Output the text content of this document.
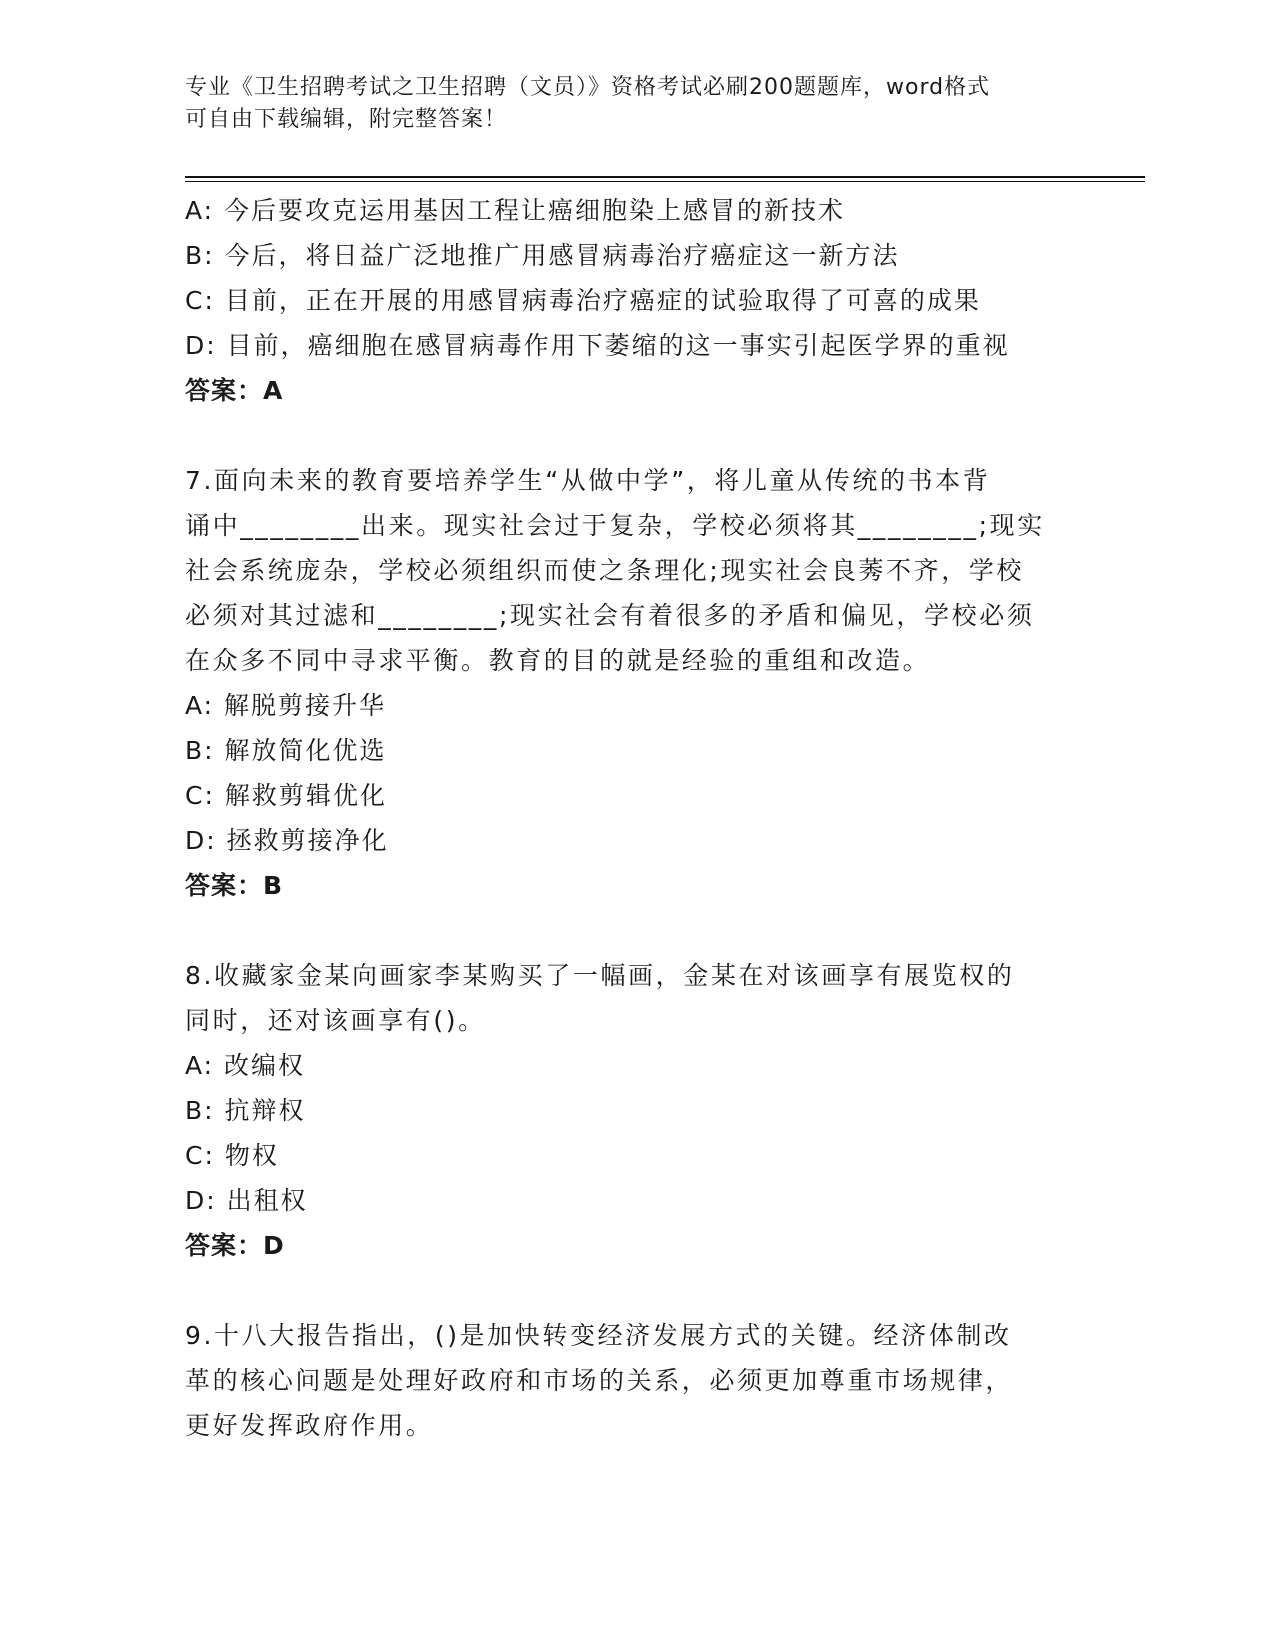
专业《卫生招聘考试之卫生招聘（文员）》资格考试必刷200题题库，word格式
可自由下载编辑，附完整答案！
A: 今后要攻克运用基因工程让癌细胞染上感冒的新技术
B: 今后，将日益广泛地推广用感冒病毒治疗癌症这一新方法
C: 目前，正在开展的用感冒病毒治疗癌症的试验取得了可喜的成果
D: 目前，癌细胞在感冒病毒作用下萎缩的这一事实引起医学界的重视
答案：A
7.面向未来的教育要培养学生“从做中学”，将儿童从传统的书本背
诵中________出来。现实社会过于复杂，学校必须将其________;现实
社会系统庞杂，学校必须组织而使之条理化;现实社会良莠不齐，学校
必须对其过滤和________;现实社会有着很多的矛盾和偏见，学校必须
在众多不同中寻求平衡。教育的目的就是经验的重组和改造。
A: 解脱剪接升华
B: 解放简化优选
C: 解救剪辑优化
D: 拯救剪接净化
答案：B
8.收藏家金某向画家李某购买了一幅画，金某在对该画享有展览权的
同时，还对该画享有()。
A: 改编权
B: 抗辩权
C: 物权
D: 出租权
答案：D
9.十八大报告指出，()是加快转变经济发展方式的关键。经济体制改
革的核心问题是处理好政府和市场的关系，必须更加尊重市场规律，
更好发挥政府作用。
